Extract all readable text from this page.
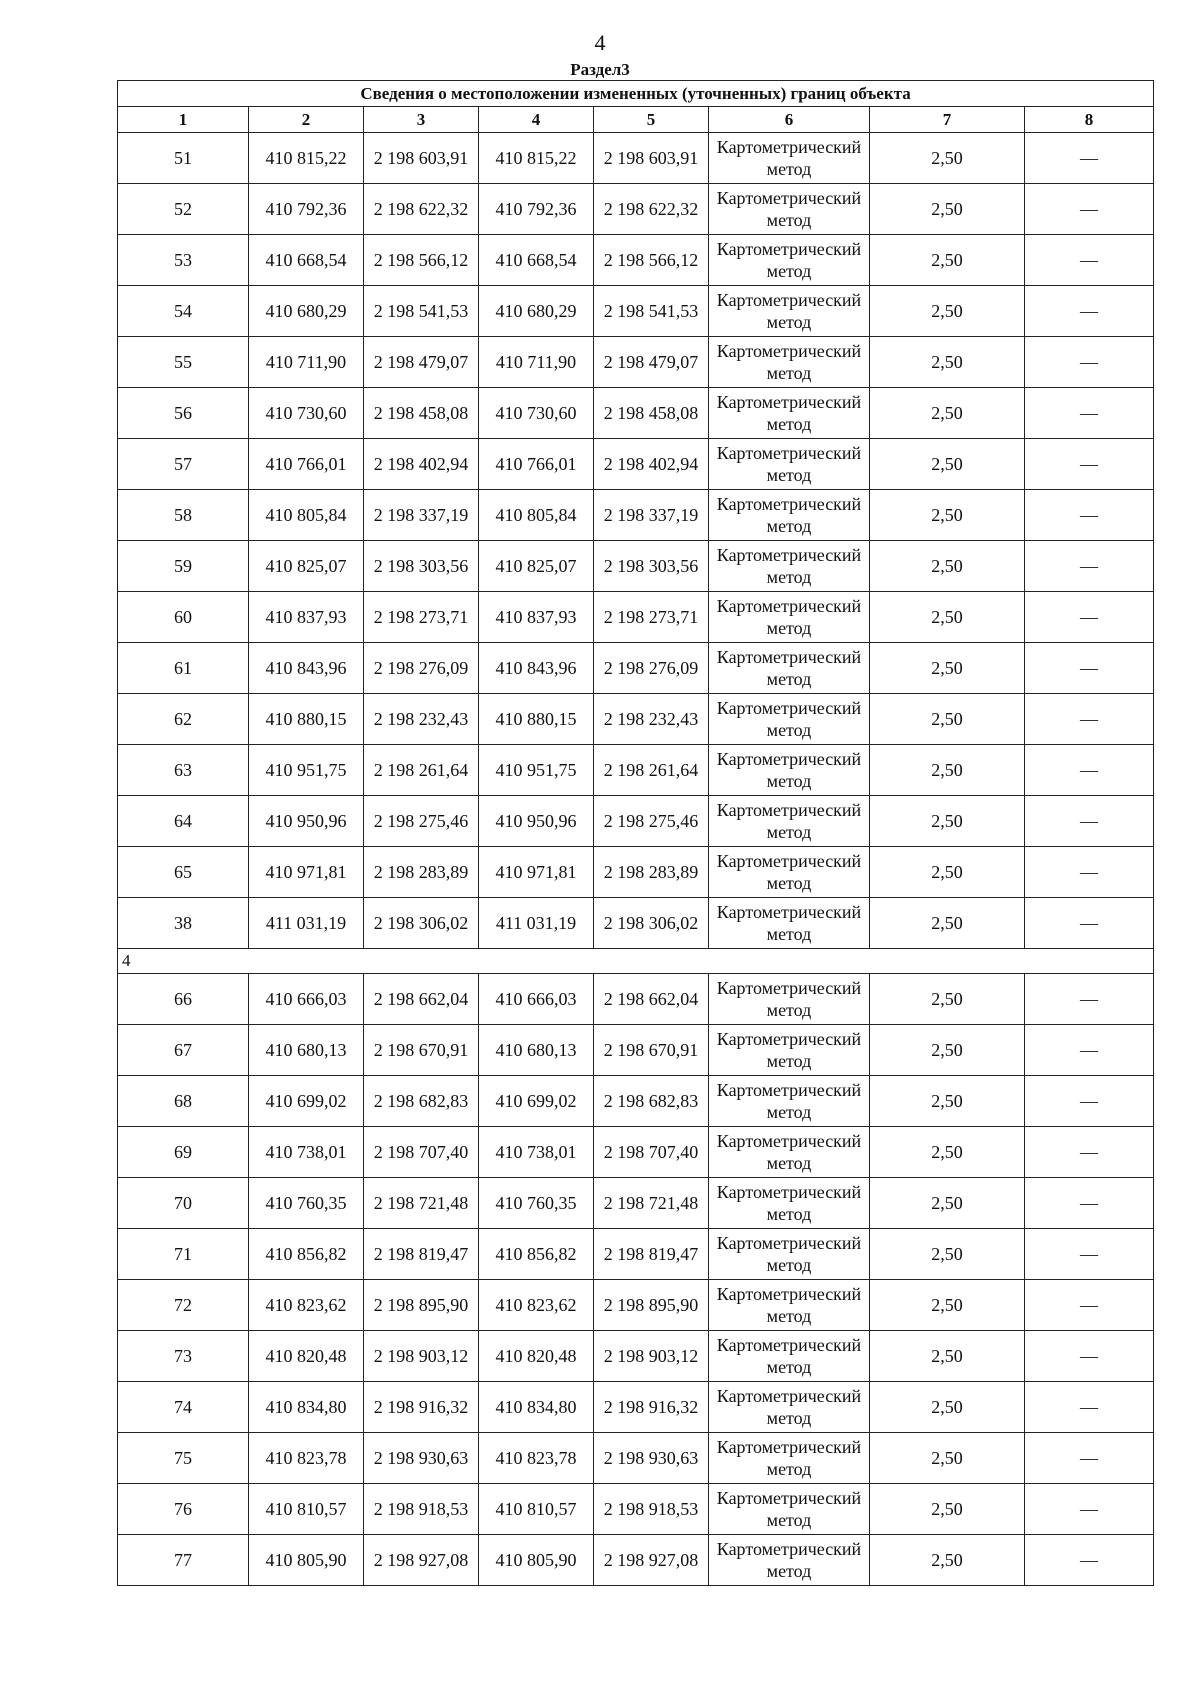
4
Раздел3
Сведения о местоположении измененных (уточненных) границ объекта							
1	2	3	4	5	6	7	8
51	410 815,22	2 198 603,91	410 815,22	2 198 603,91	Картометрический метод	2,50	—
52	410 792,36	2 198 622,32	410 792,36	2 198 622,32	Картометрический метод	2,50	—
53	410 668,54	2 198 566,12	410 668,54	2 198 566,12	Картометрический метод	2,50	—
54	410 680,29	2 198 541,53	410 680,29	2 198 541,53	Картометрический метод	2,50	—
55	410 711,90	2 198 479,07	410 711,90	2 198 479,07	Картометрический метод	2,50	—
56	410 730,60	2 198 458,08	410 730,60	2 198 458,08	Картометрический метод	2,50	—
57	410 766,01	2 198 402,94	410 766,01	2 198 402,94	Картометрический метод	2,50	—
58	410 805,84	2 198 337,19	410 805,84	2 198 337,19	Картометрический метод	2,50	—
59	410 825,07	2 198 303,56	410 825,07	2 198 303,56	Картометрический метод	2,50	—
60	410 837,93	2 198 273,71	410 837,93	2 198 273,71	Картометрический метод	2,50	—
61	410 843,96	2 198 276,09	410 843,96	2 198 276,09	Картометрический метод	2,50	—
62	410 880,15	2 198 232,43	410 880,15	2 198 232,43	Картометрический метод	2,50	—
63	410 951,75	2 198 261,64	410 951,75	2 198 261,64	Картометрический метод	2,50	—
64	410 950,96	2 198 275,46	410 950,96	2 198 275,46	Картометрический метод	2,50	—
65	410 971,81	2 198 283,89	410 971,81	2 198 283,89	Картометрический метод	2,50	—
38	411 031,19	2 198 306,02	411 031,19	2 198 306,02	Картометрический метод	2,50	—
4							
66	410 666,03	2 198 662,04	410 666,03	2 198 662,04	Картометрический метод	2,50	—
67	410 680,13	2 198 670,91	410 680,13	2 198 670,91	Картометрический метод	2,50	—
68	410 699,02	2 198 682,83	410 699,02	2 198 682,83	Картометрический метод	2,50	—
69	410 738,01	2 198 707,40	410 738,01	2 198 707,40	Картометрический метод	2,50	—
70	410 760,35	2 198 721,48	410 760,35	2 198 721,48	Картометрический метод	2,50	—
71	410 856,82	2 198 819,47	410 856,82	2 198 819,47	Картометрический метод	2,50	—
72	410 823,62	2 198 895,90	410 823,62	2 198 895,90	Картометрический метод	2,50	—
73	410 820,48	2 198 903,12	410 820,48	2 198 903,12	Картометрический метод	2,50	—
74	410 834,80	2 198 916,32	410 834,80	2 198 916,32	Картометрический метод	2,50	—
75	410 823,78	2 198 930,63	410 823,78	2 198 930,63	Картометрический метод	2,50	—
76	410 810,57	2 198 918,53	410 810,57	2 198 918,53	Картометрический метод	2,50	—
77	410 805,90	2 198 927,08	410 805,90	2 198 927,08	Картометрический метод	2,50	—
